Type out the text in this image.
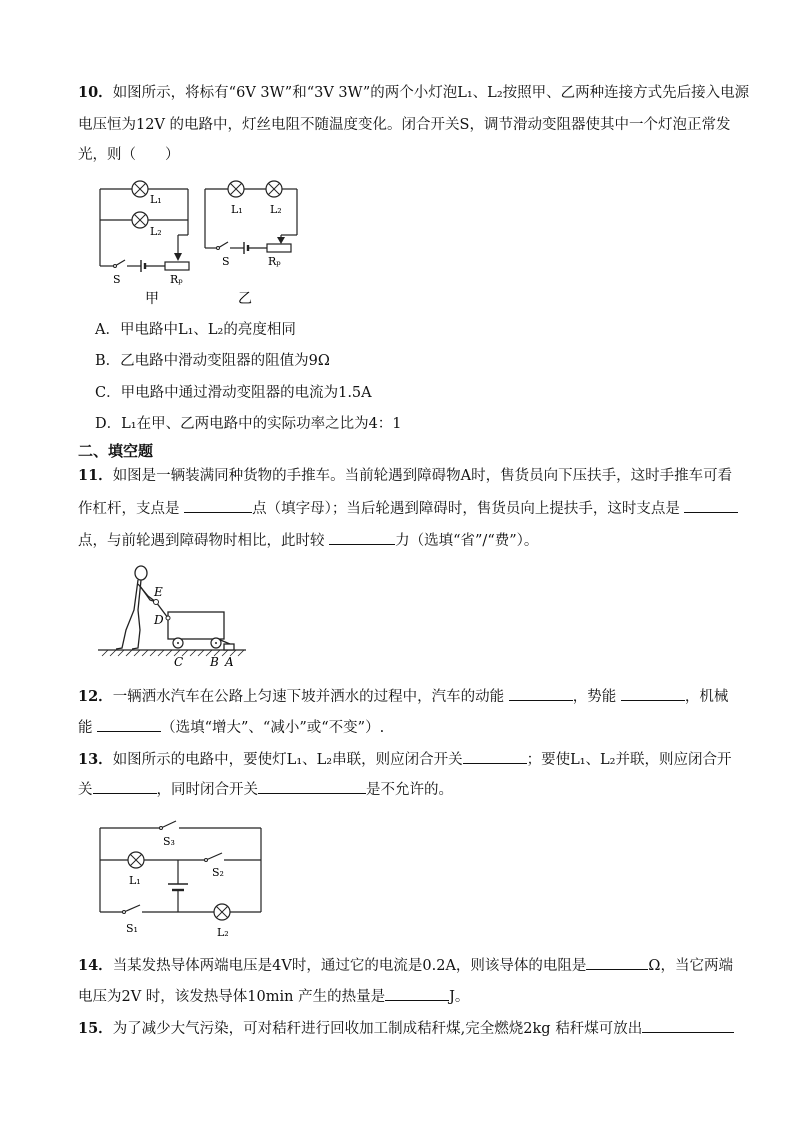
10．如图所示，将标有“6V 3W”和“3V 3W”的两个小灯泡L₁、L₂按照甲、乙两种连接方式先后接入电源
电压恒为12V 的电路中，灯丝电阻不随温度变化。闭合开关S，调节滑动变阻器使其中一个灯泡正常发
光，则（　　）
L₁
L₂
S	Rₚ
甲
L₁ L₂
S	Rₚ
乙
A．甲电路中L₁、L₂的亮度相同
B．乙电路中滑动变阻器的阻值为9Ω
C．甲电路中通过滑动变阻器的电流为1.5A
D．L₁在甲、乙两电路中的实际功率之比为4：1
二、填空题
11．如图是一辆装满同种货物的手推车。当前轮遇到障碍物A时，售货员向下压扶手，这时手推车可看
作杠杆，支点是	点（填字母）；当后轮遇到障碍时，售货员向上提扶手，这时支点是
点，与前轮遇到障碍物时相比，此时较	力（选填“省”/“费”）。
E
D
C B A
12．一辆洒水汽车在公路上匀速下坡并洒水的过程中，汽车的动能	，势能	，机械
能	（选填“增大”、“减小”或“不变”）.
13．如图所示的电路中，要使灯L₁、L₂串联，则应闭合开关	；要使L₁、L₂并联，则应闭合开
关	，同时闭合开关	是不允许的。
S₃
L₁
S₂
S₁	L₂
14．当某发热导体两端电压是4V时，通过它的电流是0.2A，则该导体的电阻是	Ω，当它两端
电压为2V 时，该发热导体10min 产生的热量是	J。
15．为了减少大气污染，可对秸秆进行回收加工制成秸秆煤,完全燃烧2kg 秸秆煤可放出
